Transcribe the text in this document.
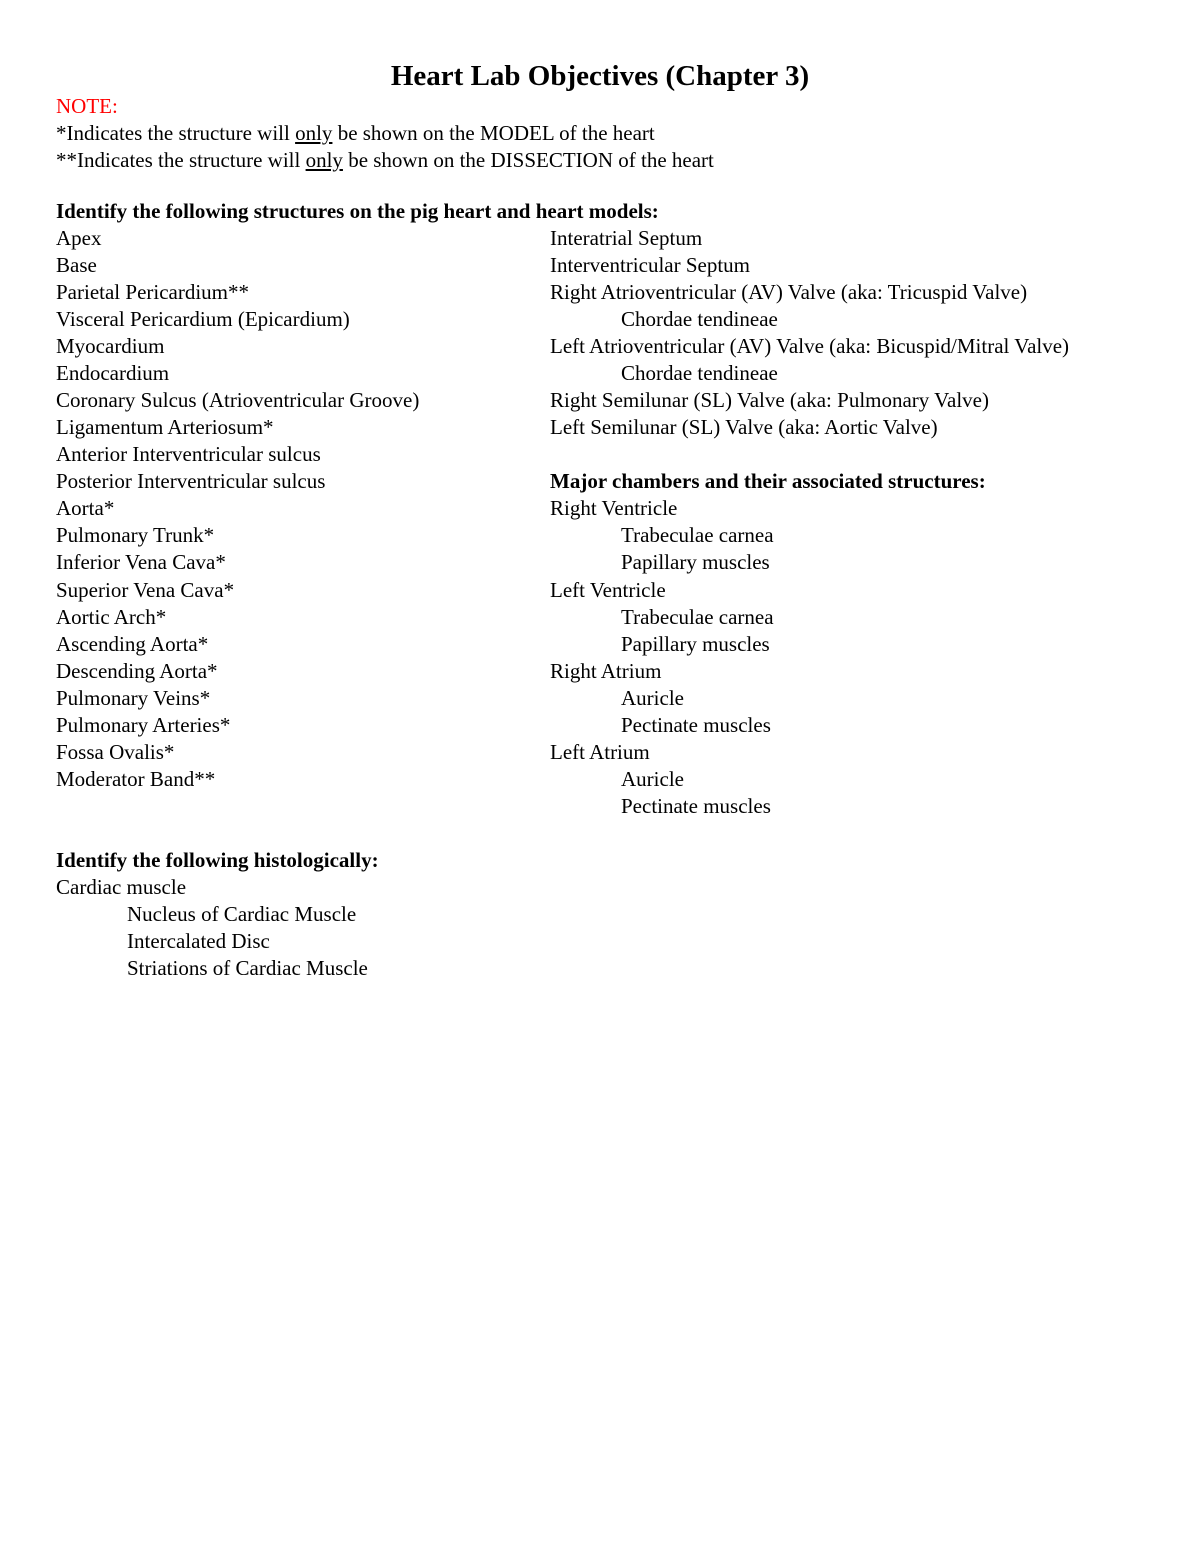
Heart Lab Objectives (Chapter 3)
NOTE:
*Indicates the structure will only be shown on the MODEL of the heart
**Indicates the structure will only be shown on the DISSECTION of the heart
Identify the following structures on the pig heart and heart models:
Apex
Base
Parietal Pericardium**
Visceral Pericardium (Epicardium)
Myocardium
Endocardium
Coronary Sulcus (Atrioventricular Groove)
Ligamentum Arteriosum*
Anterior Interventricular sulcus
Posterior Interventricular sulcus
Aorta*
Pulmonary Trunk*
Inferior Vena Cava*
Superior Vena Cava*
Aortic Arch*
Ascending Aorta*
Descending Aorta*
Pulmonary Veins*
Pulmonary Arteries*
Fossa Ovalis*
Moderator Band**
Interatrial Septum
Interventricular Septum
Right Atrioventricular (AV) Valve (aka: Tricuspid Valve)
Chordae tendineae
Left Atrioventricular (AV) Valve (aka: Bicuspid/Mitral Valve)
Chordae tendineae
Right Semilunar (SL) Valve (aka: Pulmonary Valve)
Left Semilunar (SL) Valve (aka: Aortic Valve)
Major chambers and their associated structures:
Right Ventricle
Trabeculae carnea
Papillary muscles
Left Ventricle
Trabeculae carnea
Papillary muscles
Right Atrium
Auricle
Pectinate muscles
Left Atrium
Auricle
Pectinate muscles
Identify the following histologically:
Cardiac muscle
Nucleus of Cardiac Muscle
Intercalated Disc
Striations of Cardiac Muscle
